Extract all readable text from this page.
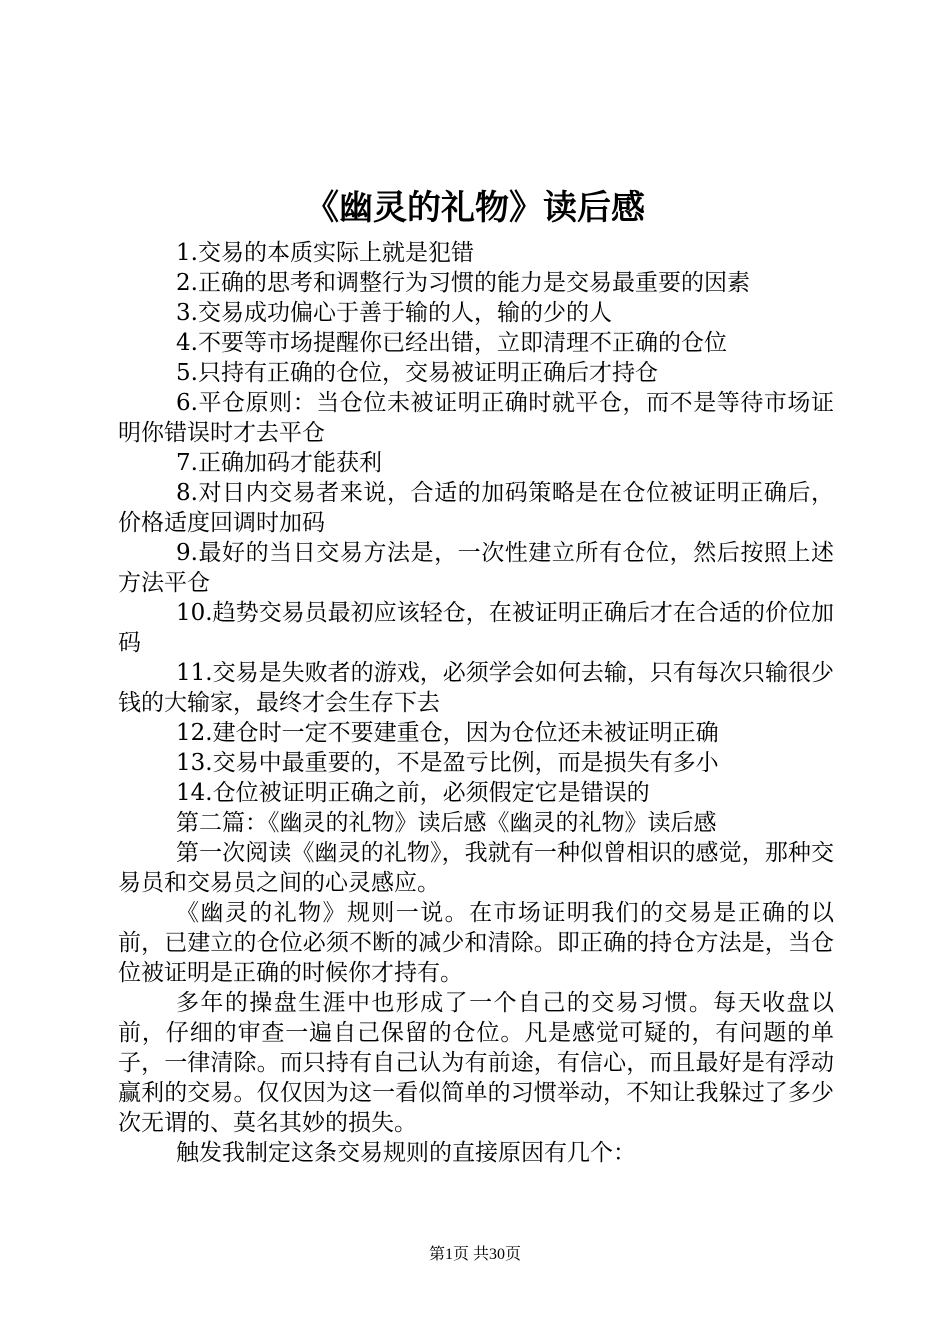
《幽灵的礼物》读后感

1.交易的本质实际上就是犯错

2.正确的思考和调整行为习惯的能力是交易最重要的因素

3.交易成功偏心于善于输的人，输的少的人

4.不要等市场提醒你已经出错，立即清理不正确的仓位

5.只持有正确的仓位，交易被证明正确后才持仓

6.平仓原则：当仓位未被证明正确时就平仓，而不是等待市场证明你错误时才去平仓

7.正确加码才能获利

8.对日内交易者来说，合适的加码策略是在仓位被证明正确后，价格适度回调时加码

9.最好的当日交易方法是，一次性建立所有仓位，然后按照上述方法平仓

10.趋势交易员最初应该轻仓，在被证明正确后才在合适的价位加码

11.交易是失败者的游戏，必须学会如何去输，只有每次只输很少钱的大输家，最终才会生存下去

12.建仓时一定不要建重仓，因为仓位还未被证明正确

13.交易中最重要的，不是盈亏比例，而是损失有多小

14.仓位被证明正确之前，必须假定它是错误的

第二篇：《幽灵的礼物》读后感《幽灵的礼物》读后感

第一次阅读《幽灵的礼物》，我就有一种似曾相识的感觉，那种交易员和交易员之间的心灵感应。

《幽灵的礼物》规则一说。在市场证明我们的交易是正确的以前，已建立的仓位必须不断的减少和清除。即正确的持仓方法是，当仓位被证明是正确的时候你才持有。

多年的操盘生涯中也形成了一个自己的交易习惯。每天收盘以前，仔细的审查一遍自己保留的仓位。凡是感觉可疑的，有问题的单子，一律清除。而只持有自己认为有前途，有信心，而且最好是有浮动赢利的交易。仅仅因为这一看似简单的习惯举动，不知让我躲过了多少次无谓的、莫名其妙的损失。

触发我制定这条交易规则的直接原因有几个：

第1页 共30页
